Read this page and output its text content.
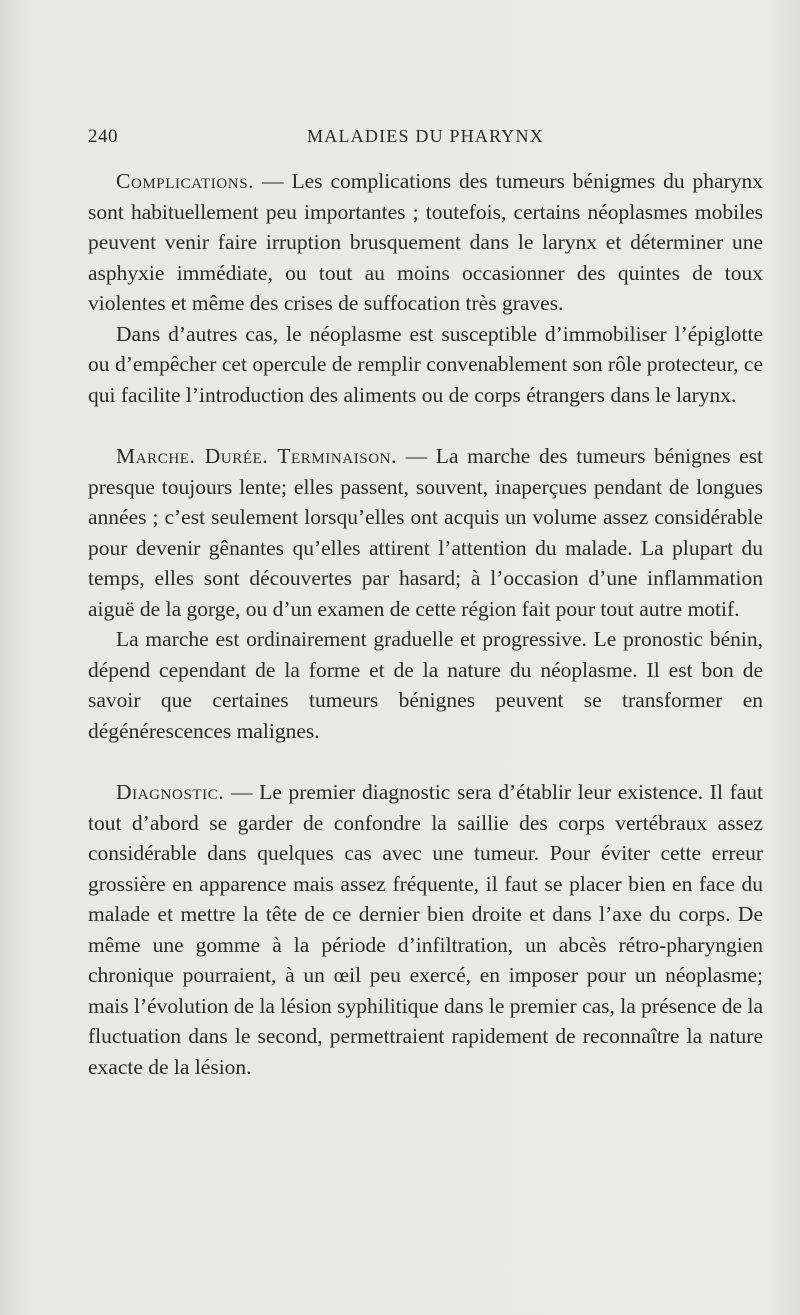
240	MALADIES DU PHARYNX

Complications. — Les complications des tumeurs bénigmes du pharynx sont habituellement peu importantes ; toutefois, certains néoplasmes mobiles peuvent venir faire irruption brusquement dans le larynx et déterminer une asphyxie immédiate, ou tout au moins occasionner des quintes de toux violentes et même des crises de suffocation très graves.

Dans d’autres cas, le néoplasme est susceptible d’immobiliser l’épiglotte ou d’empêcher cet opercule de remplir convenablement son rôle protecteur, ce qui facilite l’introduction des aliments ou de corps étrangers dans le larynx.

Marche. Durée. Terminaison. — La marche des tumeurs bénignes est presque toujours lente; elles passent, souvent, inaperçues pendant de longues années ; c’est seulement lorsqu’elles ont acquis un volume assez considérable pour devenir gênantes qu’elles attirent l’attention du malade. La plupart du temps, elles sont découvertes par hasard; à l’occasion d’une inflammation aiguë de la gorge, ou d’un examen de cette région fait pour tout autre motif.

La marche est ordinairement graduelle et progressive. Le pronostic bénin, dépend cependant de la forme et de la nature du néoplasme. Il est bon de savoir que certaines tumeurs bénignes peuvent se transformer en dégénérescences malignes.

Diagnostic. — Le premier diagnostic sera d’établir leur existence. Il faut tout d’abord se garder de confondre la saillie des corps vertébraux assez considérable dans quelques cas avec une tumeur. Pour éviter cette erreur grossière en apparence mais assez fréquente, il faut se placer bien en face du malade et mettre la tête de ce dernier bien droite et dans l’axe du corps. De même une gomme à la période d’infiltration, un abcès rétro-pharyngien chronique pourraient, à un œil peu exercé, en imposer pour un néoplasme; mais l’évolution de la lésion syphilitique dans le premier cas, la présence de la fluctuation dans le second, permettraient rapidement de reconnaître la nature exacte de la lésion.
